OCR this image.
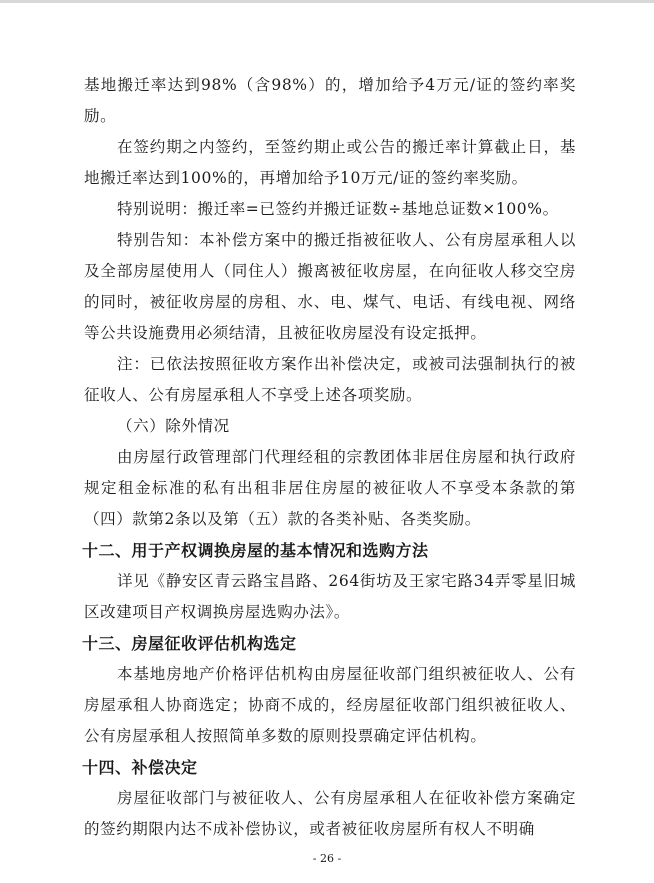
基地搬迁率达到98%（含98%）的，增加给予4万元/证的签约率奖励。

在签约期之内签约，至签约期止或公告的搬迁率计算截止日，基地搬迁率达到100%的，再增加给予10万元/证的签约率奖励。

特别说明：搬迁率=已签约并搬迁证数÷基地总证数×100%。

特别告知：本补偿方案中的搬迁指被征收人、公有房屋承租人以及全部房屋使用人（同住人）搬离被征收房屋，在向征收人移交空房的同时，被征收房屋的房租、水、电、煤气、电话、有线电视、网络等公共设施费用必须结清，且被征收房屋没有设定抵押。

注：已依法按照征收方案作出补偿决定，或被司法强制执行的被征收人、公有房屋承租人不享受上述各项奖励。

（六）除外情况

由房屋行政管理部门代理经租的宗教团体非居住房屋和执行政府规定租金标准的私有出租非居住房屋的被征收人不享受本条款的第（四）款第2条以及第（五）款的各类补贴、各类奖励。

十二、用于产权调换房屋的基本情况和选购方法

详见《静安区青云路宝昌路、264街坊及王家宅路34弄零星旧城区改建项目产权调换房屋选购办法》。

十三、房屋征收评估机构选定

本基地房地产价格评估机构由房屋征收部门组织被征收人、公有房屋承租人协商选定；协商不成的，经房屋征收部门组织被征收人、公有房屋承租人按照简单多数的原则投票确定评估机构。

十四、补偿决定

房屋征收部门与被征收人、公有房屋承租人在征收补偿方案确定的签约期限内达不成补偿协议，或者被征收房屋所有权人不明确

- 26 -
